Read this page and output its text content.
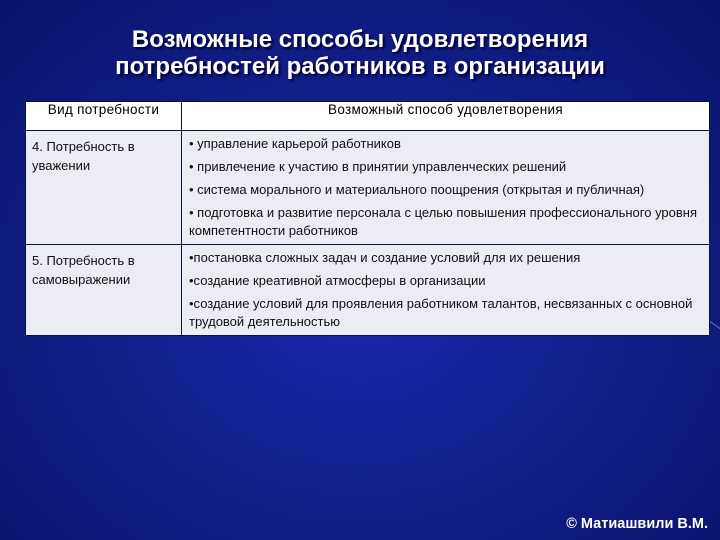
Возможные способы удовлетворения
потребностей работников в организации
Вид потребности	Возможный способ удовлетворения
4. Потребность в уважении	• управление карьерой работников
• привлечение к участию в принятии управленческих решений
• система морального и материального поощрения (открытая и публичная)
• подготовка и развитие персонала с целью повышения профессионального уровня компетентности работников

5. Потребность в самовыражении	•постановка сложных задач и создание условий для их решения
•создание креативной атмосферы в организации
•создание условий для проявления работником талантов, несвязанных с основной трудовой деятельностью
© Матиашвили В.М.
